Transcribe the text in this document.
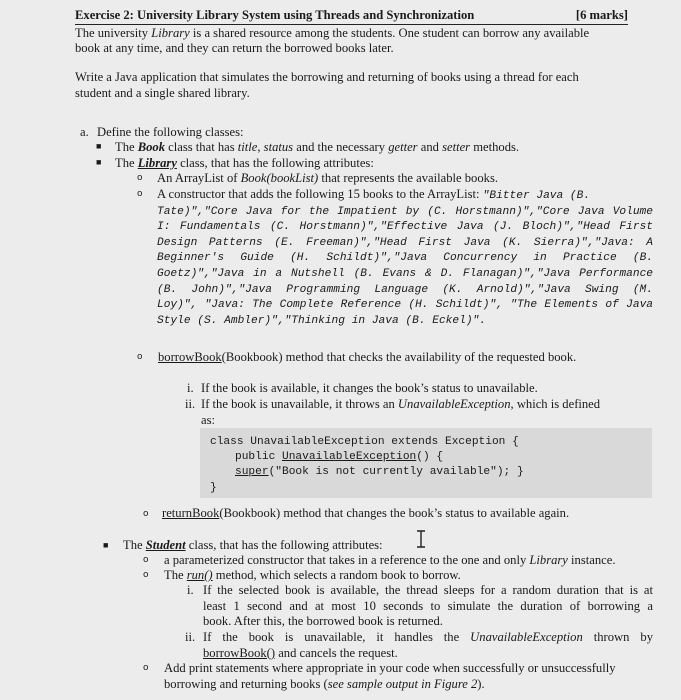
Exercise 2: University Library System using Threads and Synchronization	[6 marks]
The university Library is a shared resource among the students. One student can borrow any available
book at any time, and they can return the borrowed books later.
Write a Java application that simulates the borrowing and returning of books using a thread for each
student and a single shared library.
a. Define the following classes:
■ The Book class that has title, status and the necessary getter and setter methods.
■ The Library class, that has the following attributes:
o An ArrayList of Book(bookList) that represents the available books.
o A constructor that adds the following 15 books to the ArrayList: "Bitter Java (B.
Tate)","Core Java for the Impatient by (C. Horstmann)","Core Java Volume
I: Fundamentals (C. Horstmann)","Effective Java (J. Bloch)","Head First
Design Patterns (E. Freeman)","Head First Java (K. Sierra)","Java: A
Beginner's Guide (H. Schildt)","Java Concurrency in Practice (B.
Goetz)","Java in a Nutshell (B. Evans & D. Flanagan)","Java Performance
(B. John)","Java Programming Language (K. Arnold)","Java Swing (M.
Loy)", "Java: The Complete Reference (H. Schildt)", "The Elements of Java
Style (S. Ambler)","Thinking in Java (B. Eckel)".
o borrowBook(Bookbook) method that checks the availability of the requested book.
i. If the book is available, it changes the book’s status to unavailable.
ii. If the book is unavailable, it throws an UnavailableException, which is defined
as:
class UnavailableException extends Exception {
public UnavailableException() {
super("Book is not currently available"); }
}
o returnBook(Bookbook) method that changes the book’s status to available again.
■ The Student class, that has the following attributes:
o a parameterized constructor that takes in a reference to the one and only Library instance.
o The run() method, which selects a random book to borrow.
i. If the selected book is available, the thread sleeps for a random duration that is at
least 1 second and at most 10 seconds to simulate the duration of borrowing a
book. After this, the borrowed book is returned.
ii. If the book is unavailable, it handles the UnavailableException thrown by
borrowBook() and cancels the request.
o Add print statements where appropriate in your code when successfully or unsuccessfully
borrowing and returning books (see sample output in Figure 2).
